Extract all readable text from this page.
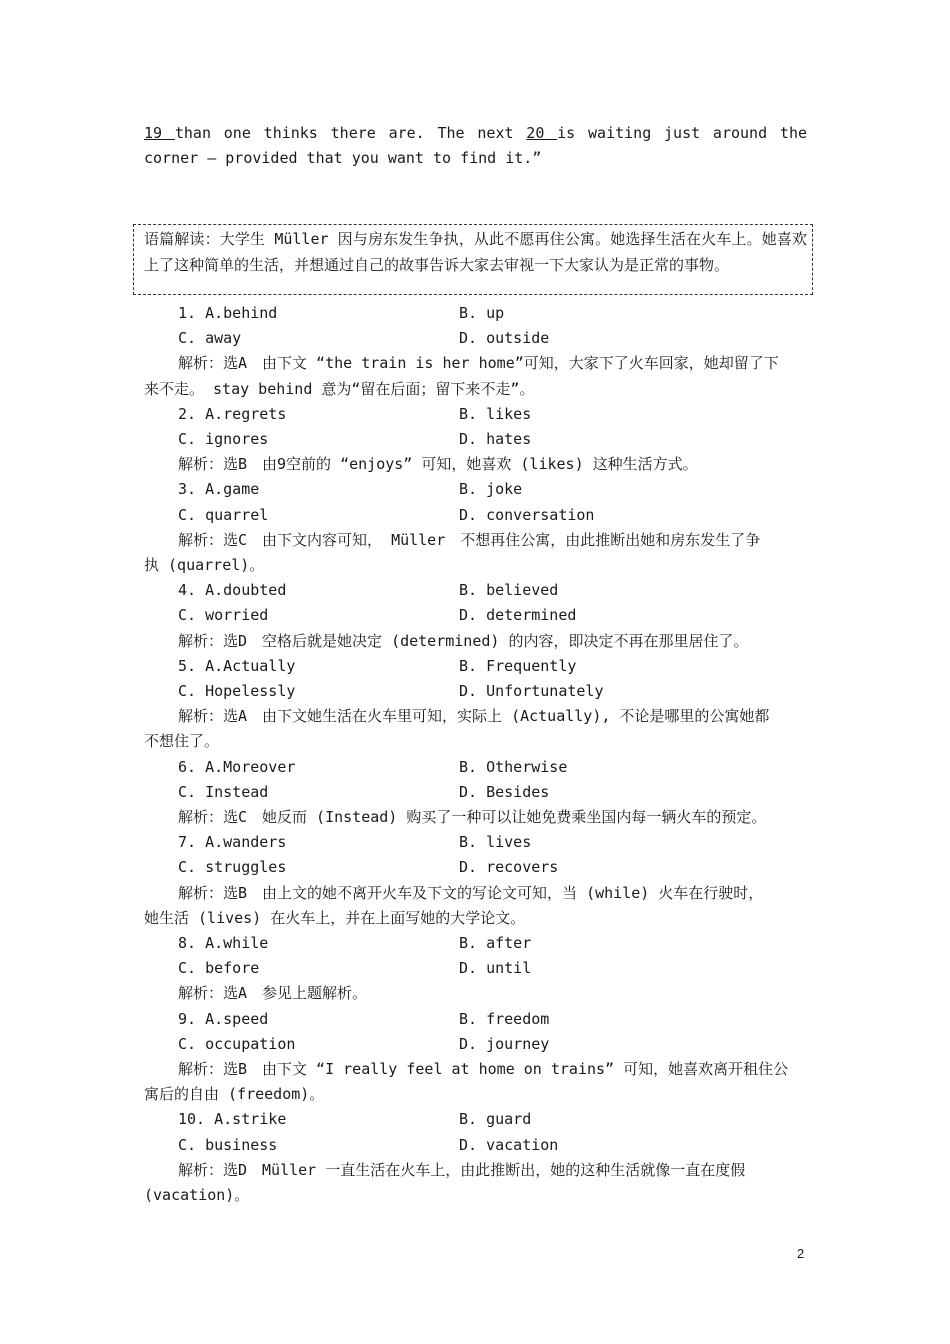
19 than one thinks there are. The next 20 is waiting just around the
corner — provided that you want to find it.”
语篇解读：大学生 Müller 因与房东发生争执，从此不愿再住公寓。她选择生活在火车上。她喜欢上了这种简单的生活，并想通过自己的故事告诉大家去审视一下大家认为是正常的事物。
1. A.behind	B. up
C. away	D. outside
解析：选A　由下文 “the train is her home”可知，大家下了火车回家，她却留了下
来不走。 stay behind 意为“留在后面；留下来不走”。
2. A.regrets	B. likes
C. ignores	D. hates
解析：选B　由9空前的 “enjoys” 可知，她喜欢 (likes) 这种生活方式。
3. A.game	B. joke
C. quarrel	D. conversation
解析：选C　由下文内容可知， Müller　不想再住公寓，由此推断出她和房东发生了争
执 (quarrel)。
4. A.doubted	B. believed
C. worried	D. determined
解析：选D　空格后就是她决定 (determined) 的内容，即决定不再在那里居住了。
5. A.Actually	B. Frequently
C. Hopelessly	D. Unfortunately
解析：选A　由下文她生活在火车里可知，实际上 (Actually), 不论是哪里的公寓她都
不想住了。
6. A.Moreover	B. Otherwise
C. Instead	D. Besides
解析：选C　她反而 (Instead) 购买了一种可以让她免费乘坐国内每一辆火车的预定。
7. A.wanders	B. lives
C. struggles	D. recovers
解析：选B　由上文的她不离开火车及下文的写论文可知，当 (while) 火车在行驶时，
她生活 (lives) 在火车上，并在上面写她的大学论文。
8. A.while	B. after
C. before	D. until
解析：选A　参见上题解析。
9. A.speed	B. freedom
C. occupation	D. journey
解析：选B　由下文 “I really feel at home on trains” 可知，她喜欢离开租住公
寓后的自由 (freedom)。
10. A.strike	B. guard
C. business	D. vacation
解析：选D　Müller 一直生活在火车上，由此推断出，她的这种生活就像一直在度假
(vacation)。
2
